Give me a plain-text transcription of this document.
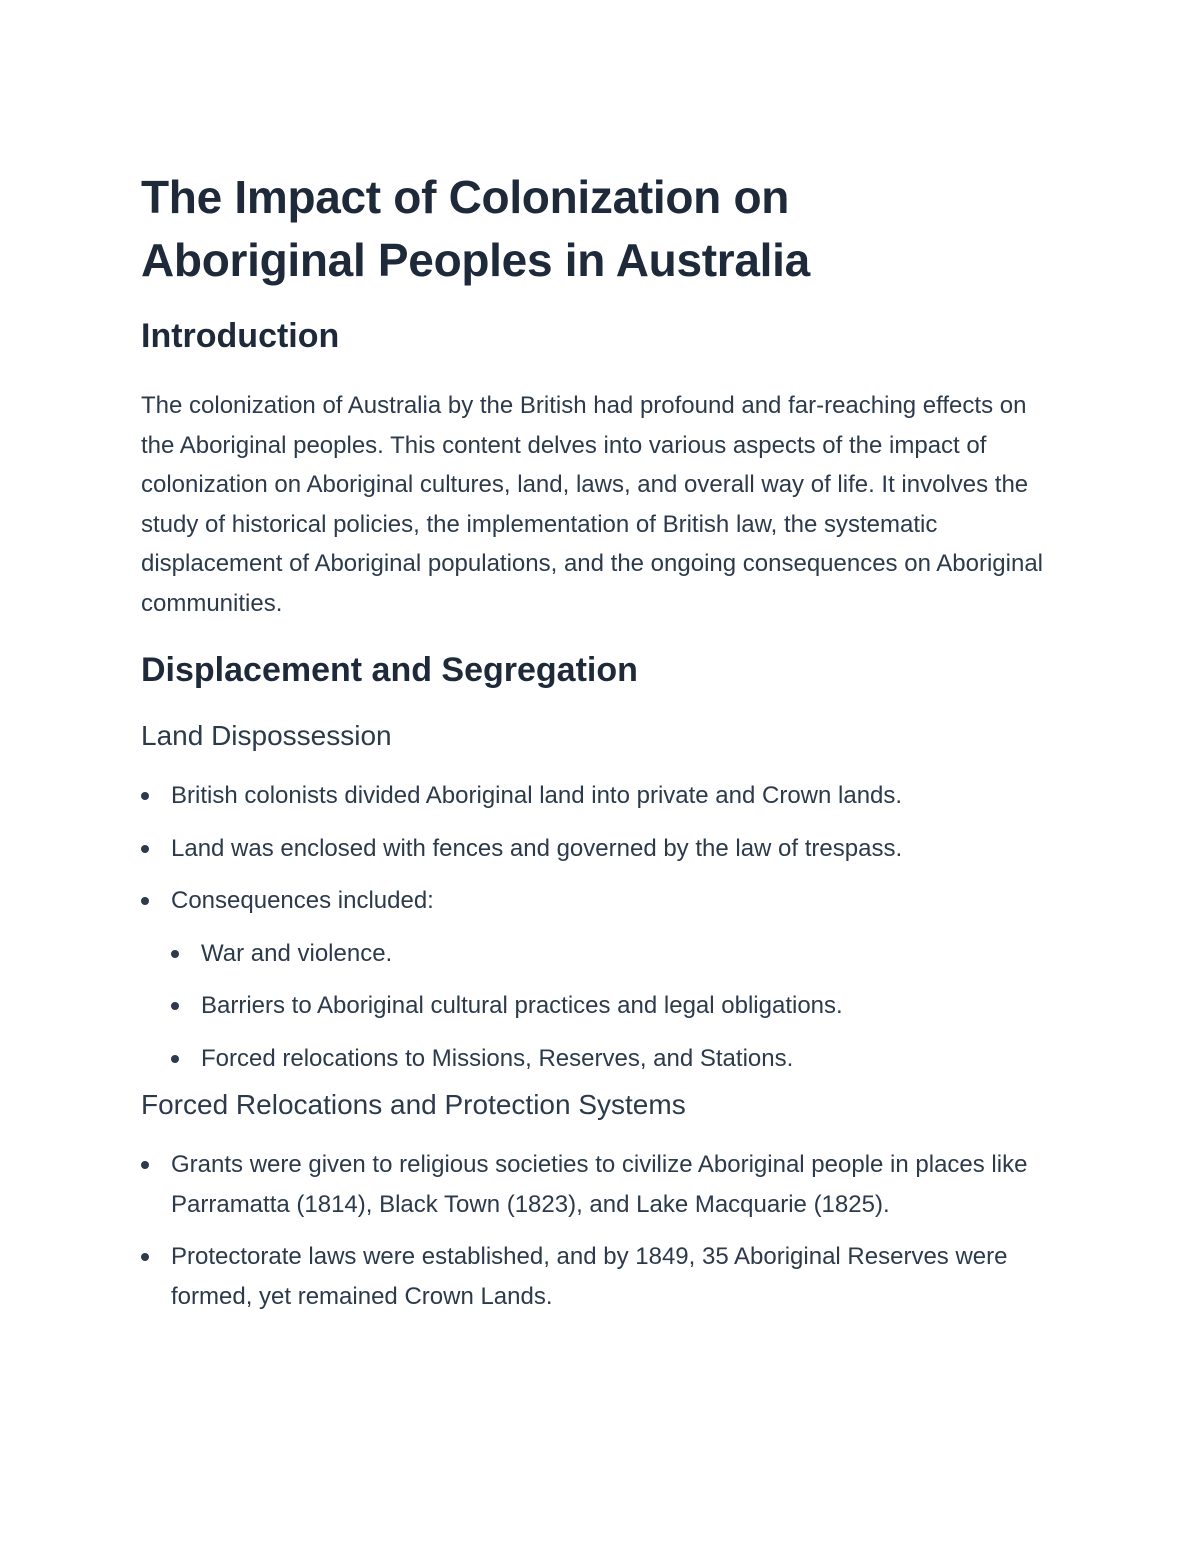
The Impact of Colonization on
Aboriginal Peoples in Australia
Introduction

The colonization of Australia by the British had profound and far-reaching effects on the Aboriginal peoples. This content delves into various aspects of the impact of colonization on Aboriginal cultures, land, laws, and overall way of life. It involves the study of historical policies, the implementation of British law, the systematic displacement of Aboriginal populations, and the ongoing consequences on Aboriginal communities.

Displacement and Segregation
Land Dispossession
British colonists divided Aboriginal land into private and Crown lands.
Land was enclosed with fences and governed by the law of trespass.
Consequences included:
War and violence.
Barriers to Aboriginal cultural practices and legal obligations.
Forced relocations to Missions, Reserves, and Stations.
Forced Relocations and Protection Systems
Grants were given to religious societies to civilize Aboriginal people in places like Parramatta (1814), Black Town (1823), and Lake Macquarie (1825).
Protectorate laws were established, and by 1849, 35 Aboriginal Reserves were formed, yet remained Crown Lands.
